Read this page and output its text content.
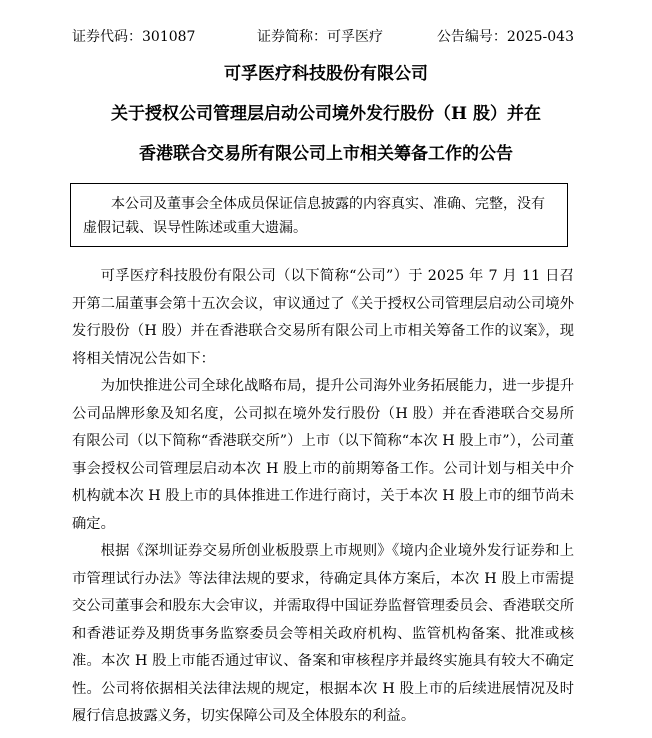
证券代码：301087	证券简称：可孚医疗	公告编号：2025-043
可孚医疗科技股份有限公司
关于授权公司管理层启动公司境外发行股份（H 股）并在
香港联合交易所有限公司上市相关筹备工作的公告
本公司及董事会全体成员保证信息披露的内容真实、准确、完整，没有虚假记载、误导性陈述或重大遗漏。

可孚医疗科技股份有限公司（以下简称“公司”）于 2025 年 7 月 11 日召开第二届董事会第十五次会议，审议通过了《关于授权公司管理层启动公司境外发行股份（H 股）并在香港联合交易所有限公司上市相关筹备工作的议案》，现将相关情况公告如下：

为加快推进公司全球化战略布局，提升公司海外业务拓展能力，进一步提升公司品牌形象及知名度，公司拟在境外发行股份（H 股）并在香港联合交易所有限公司（以下简称“香港联交所”）上市（以下简称“本次 H 股上市”），公司董事会授权公司管理层启动本次 H 股上市的前期筹备工作。公司计划与相关中介机构就本次 H 股上市的具体推进工作进行商讨，关于本次 H 股上市的细节尚未确定。

根据《深圳证券交易所创业板股票上市规则》《境内企业境外发行证券和上市管理试行办法》等法律法规的要求，待确定具体方案后，本次 H 股上市需提交公司董事会和股东大会审议，并需取得中国证券监督管理委员会、香港联交所和香港证券及期货事务监察委员会等相关政府机构、监管机构备案、批准或核准。本次 H 股上市能否通过审议、备案和审核程序并最终实施具有较大不确定性。公司将依据相关法律法规的规定，根据本次 H 股上市的后续进展情况及时履行信息披露义务，切实保障公司及全体股东的利益。
